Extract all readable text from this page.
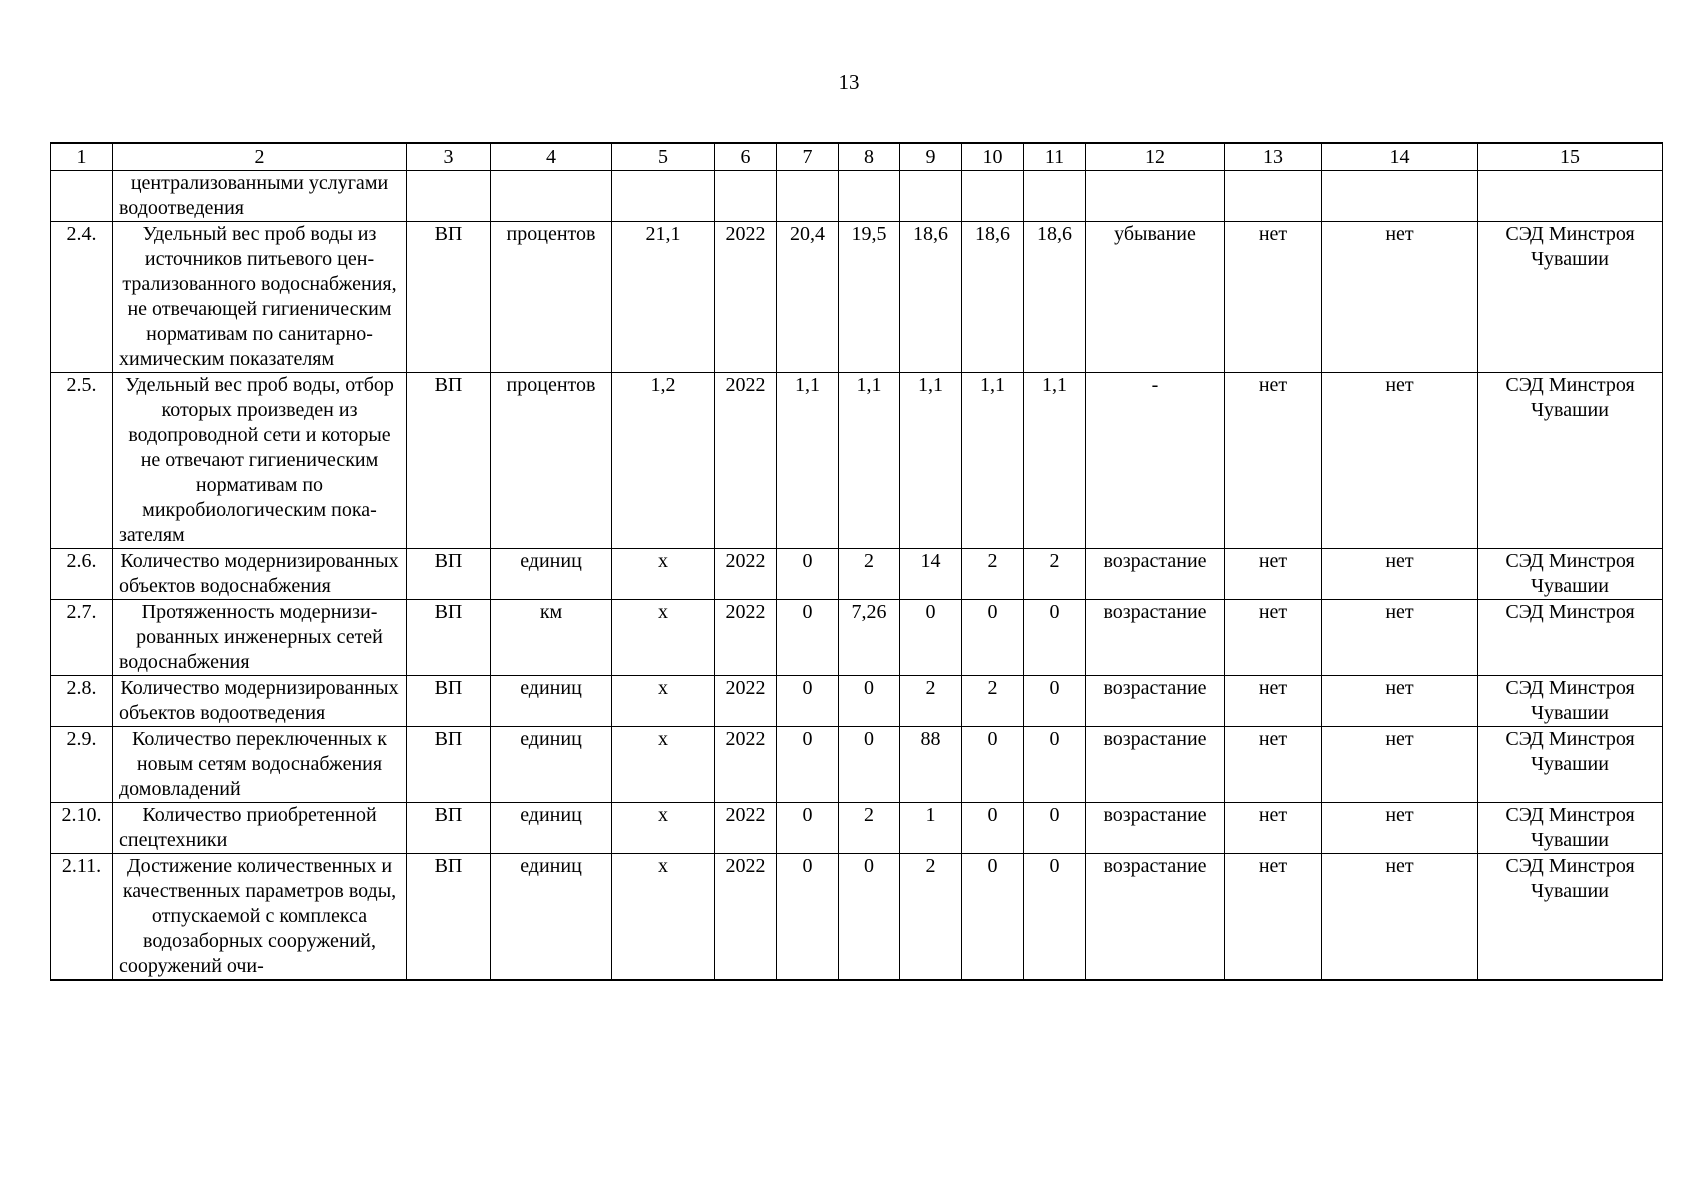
13
1	2	3	4	5	6	7	8	9	10	11	12	13	14	15
	централизованными услугами водоотведения													
2.4.	Удельный вес проб воды из источников питьевого централизованного водоснабжения, не отвечающей гигиеническим нормативам по санитарно-химическим показателям	ВП	процентов	21,1	2022	20,4	19,5	18,6	18,6	18,6	убывание	нет	нет	СЭД Минстроя Чувашии
2.5.	Удельный вес проб воды, отбор которых произведен из водопроводной сети и которые не отвечают гигиеническим нормативам по микробиологическим показателям	ВП	процентов	1,2	2022	1,1	1,1	1,1	1,1	1,1	-	нет	нет	СЭД Минстроя Чувашии
2.6.	Количество модернизированных объектов водоснабжения	ВП	единиц	х	2022	0	2	14	2	2	возрастание	нет	нет	СЭД Минстроя Чувашии
2.7.	Протяженность модернизированных инженерных сетей водоснабжения	ВП	км	х	2022	0	7,26	0	0	0	возрастание	нет	нет	СЭД Минстроя
2.8.	Количество модернизированных объектов водоотведения	ВП	единиц	х	2022	0	0	2	2	0	возрастание	нет	нет	СЭД Минстроя Чувашии
2.9.	Количество переключенных к новым сетям водоснабжения домовладений	ВП	единиц	х	2022	0	0	88	0	0	возрастание	нет	нет	СЭД Минстроя Чувашии
2.10.	Количество приобретенной спецтехники	ВП	единиц	х	2022	0	2	1	0	0	возрастание	нет	нет	СЭД Минстроя Чувашии
2.11.	Достижение количественных и качественных параметров воды, отпускаемой с комплекса водозаборных сооружений, сооружений очи-	ВП	единиц	х	2022	0	0	2	0	0	возрастание	нет	нет	СЭД Минстроя Чувашии
